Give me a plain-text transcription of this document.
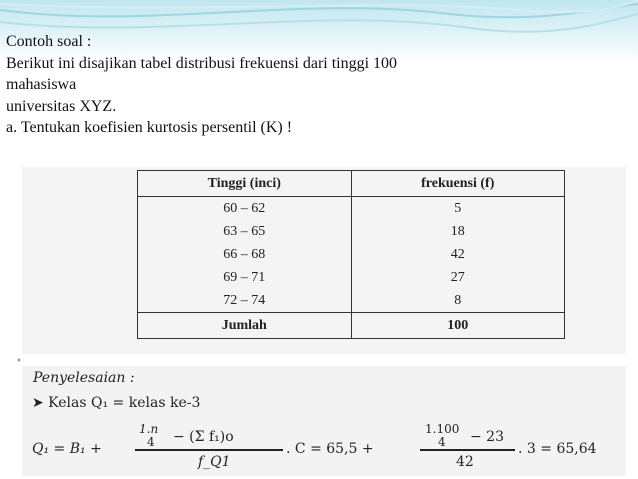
Contoh soal :
Berikut ini disajikan tabel distribusi frekuensi dari tinggi 100
mahasiswa
universitas XYZ.
a. Tentukan koefisien kurtosis persentil (K) !
Tinggi (inci)	frekuensi (f)
60 – 62	5
63 – 65	18
66 – 68	42
69 – 71	27
72 – 74	8
Jumlah	100
•
Penyelesaian :
➤ Kelas Q₁ = kelas ke-3
Q₁ = B₁ +
1.n
4 − (Σ f₁)o
f_Q1
. C = 65,5 +
1.100
4 − 23
42
. 3 = 65,64
